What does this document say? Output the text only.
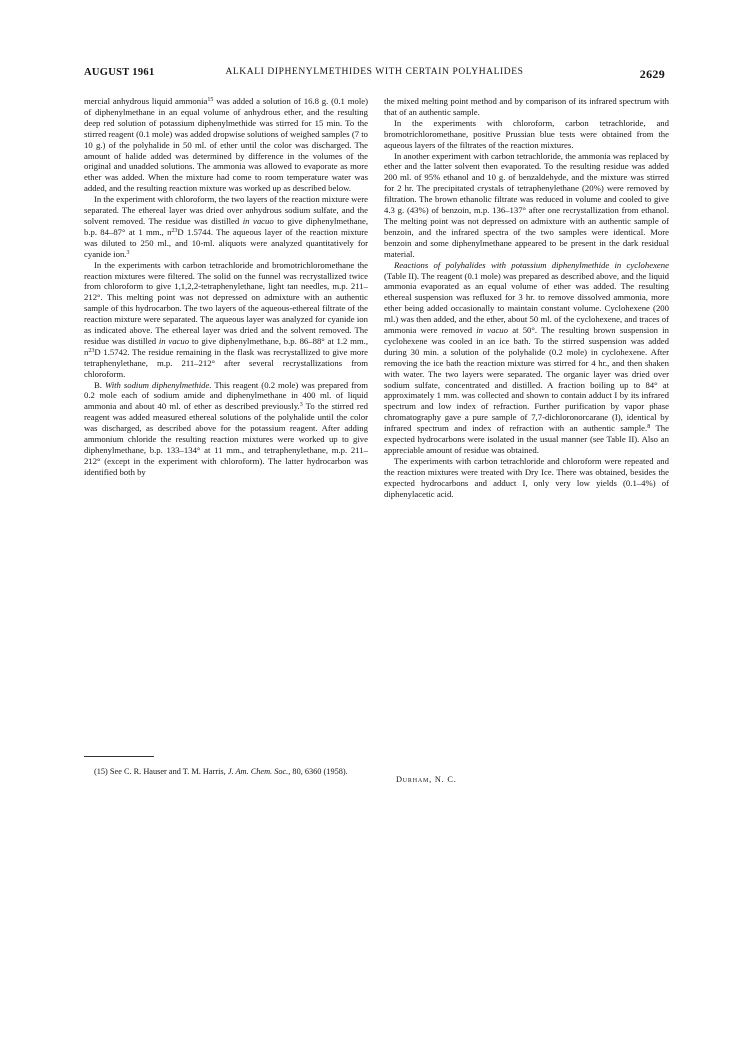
AUGUST 1961	ALKALI DIPHENYLMETHIDES WITH CERTAIN POLYHALIDES	2629

mercial anhydrous liquid ammonia$^{15}$ was added a solution of 16.8 g. (0.1 mole) of diphenylmethane in an equal volume of anhydrous ether, and the resulting deep red solution of potassium diphenylmethide was stirred for 15 min. To the stirred reagent (0.1 mole) was added dropwise solutions of weighed samples (7 to 10 g.) of the polyhalide in 50 ml. of ether until the color was discharged. The amount of halide added was determined by difference in the volumes of the original and unadded solutions. The ammonia was allowed to evaporate as more ether was added. When the mixture had come to room temperature water was added, and the resulting reaction mixture was worked up as described below.

In the experiment with chloroform, the two layers of the reaction mixture were separated. The ethereal layer was dried over anhydrous sodium sulfate, and the solvent removed. The residue was distilled in vacuo to give diphenylmethane, b.p. 84–87° at 1 mm., $n^{23}D$ 1.5744. The aqueous layer of the reaction mixture was diluted to 250 ml., and 10-ml. aliquots were analyzed quantitatively for cyanide ion.$^3$

In the experiments with carbon tetrachloride and bromotrichloromethane the reaction mixtures were filtered. The solid on the funnel was recrystallized twice from chloroform to give 1,1,2,2-tetraphenylethane, light tan needles, m.p. 211–212°. This melting point was not depressed on admixture with an authentic sample of this hydrocarbon. The two layers of the aqueous-ethereal filtrate of the reaction mixture were separated. The aqueous layer was analyzed for cyanide ion as indicated above. The ethereal layer was dried and the solvent removed. The residue was distilled in vacuo to give diphenylmethane, b.p. 86–88° at 1.2 mm., $n^{23}D$ 1.5742. The residue remaining in the flask was recrystallized to give more tetraphenylethane, m.p. 211–212° after several recrystallizations from chloroform.

B. With sodium diphenylmethide. This reagent (0.2 mole) was prepared from 0.2 mole each of sodium amide and diphenylmethane in 400 ml. of liquid ammonia and about 40 ml. of ether as described previously.$^3$ To the stirred red reagent was added measured ethereal solutions of the polyhalide until the color was discharged, as described above for the potassium reagent. After adding ammonium chloride the resulting reaction mixtures were worked up to give diphenylmethane, b.p. 133–134° at 11 mm., and tetraphenylethane, m.p. 211–212° (except in the experiment with chloroform). The latter hydrocarbon was identified both by

the mixed melting point method and by comparison of its infrared spectrum with that of an authentic sample.

In the experiments with chloroform, carbon tetrachloride, and bromotrichloromethane, positive Prussian blue tests were obtained from the aqueous layers of the filtrates of the reaction mixtures.

In another experiment with carbon tetrachloride, the ammonia was replaced by ether and the latter solvent then evaporated. To the resulting residue was added 200 ml. of 95% ethanol and 10 g. of benzaldehyde, and the mixture was stirred for 2 hr. The precipitated crystals of tetraphenylethane (20%) were removed by filtration. The brown ethanolic filtrate was reduced in volume and cooled to give 4.3 g. (43%) of benzoin, m.p. 136–137° after one recrystallization from ethanol. The melting point was not depressed on admixture with an authentic sample of benzoin, and the infrared spectra of the two samples were identical. More benzoin and some diphenylmethane appeared to be present in the dark residual material.

Reactions of polyhalides with potassium diphenylmethide in cyclohexene (Table II). The reagent (0.1 mole) was prepared as described above, and the liquid ammonia evaporated as an equal volume of ether was added. The resulting ethereal suspension was refluxed for 3 hr. to remove dissolved ammonia, more ether being added occasionally to maintain constant volume. Cyclohexene (200 ml.) was then added, and the ether, about 50 ml. of the cyclohexene, and traces of ammonia were removed in vacuo at 50°. The resulting brown suspension in cyclohexene was cooled in an ice bath. To the stirred suspension was added during 30 min. a solution of the polyhalide (0.2 mole) in cyclohexene. After removing the ice bath the reaction mixture was stirred for 4 hr., and then shaken with water. The two layers were separated. The organic layer was dried over sodium sulfate, concentrated and distilled. A fraction boiling up to 84° at approximately 1 mm. was collected and shown to contain adduct I by its infrared spectrum and low index of refraction. Further purification by vapor phase chromatography gave a pure sample of 7,7-dichloronorcarane (I), identical by infrared spectrum and index of refraction with an authentic sample.$^8$ The expected hydrocarbons were isolated in the usual manner (see Table II). Also an appreciable amount of residue was obtained.

The experiments with carbon tetrachloride and chloroform were repeated and the reaction mixtures were treated with Dry Ice. There was obtained, besides the expected hydrocarbons and adduct I, only very low yields (0.1–4%) of diphenylacetic acid.

(15) See C. R. Hauser and T. M. Harris, J. Am. Chem. Soc., 80, 6360 (1958).

Durham, N. C.
